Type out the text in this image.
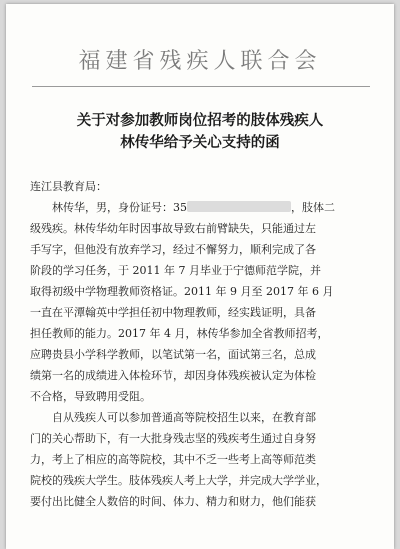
福建省残疾人联合会
关于对参加教师岗位招考的肢体残疾人
林传华给予关心支持的函
连江县教育局：
林传华，男，身份证号：35	，肢体二
级残疾。林传华幼年时因事故导致右前臂缺失，只能通过左
手写字，但他没有放弃学习，经过不懈努力，顺利完成了各
阶段的学习任务，于 2011 年 7 月毕业于宁德师范学院，并
取得初级中学物理教师资格证。2011 年 9 月至 2017 年 6 月
一直在平潭翰英中学担任初中物理教师，经实践证明，具备
担任教师的能力。2017 年 4 月，林传华参加全省教师招考，
应聘贵县小学科学教师，以笔试第一名，面试第三名，总成
绩第一名的成绩进入体检环节，却因身体残疾被认定为体检
不合格，导致聘用受阻。
自从残疾人可以参加普通高等院校招生以来，在教育部
门的关心帮助下，有一大批身残志坚的残疾考生通过自身努
力，考上了相应的高等院校，其中不乏一些考上高等师范类
院校的残疾大学生。肢体残疾人考上大学，并完成大学学业，
要付出比健全人数倍的时间、体力、精力和财力，他们能获
